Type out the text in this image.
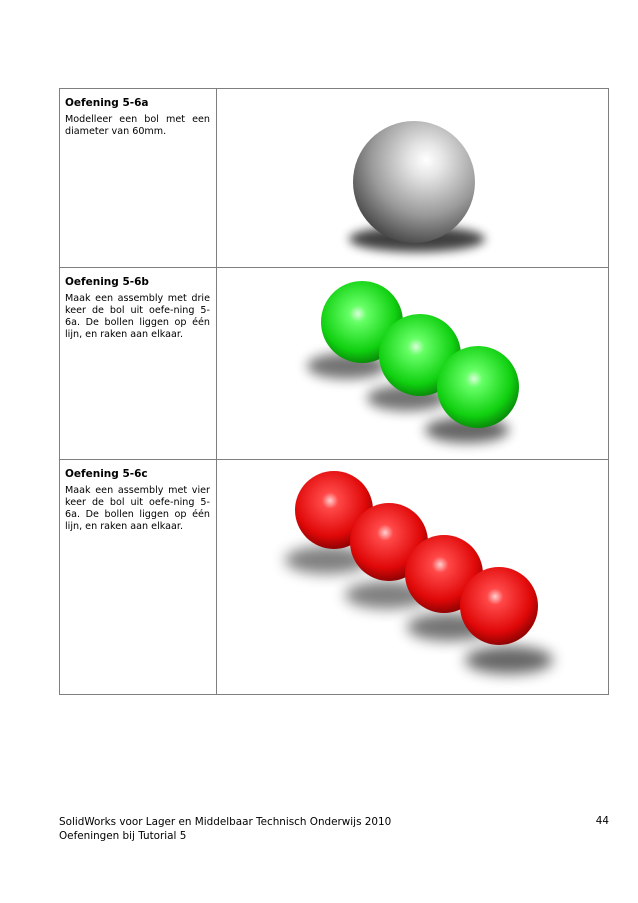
Oefening 5-6a

Modelleer een bol met een diameter van 60mm.

Oefening 5-6b

Maak een assembly met drie keer de bol uit oefe-ning 5-6a. De bollen liggen op één lijn, en raken aan elkaar.

Oefening 5-6c

Maak een assembly met vier keer de bol uit oefe-ning 5-6a. De bollen liggen op één lijn, en raken aan elkaar.

SolidWorks voor Lager en Middelbaar Technisch Onderwijs 2010
Oefeningen bij Tutorial 5
44
